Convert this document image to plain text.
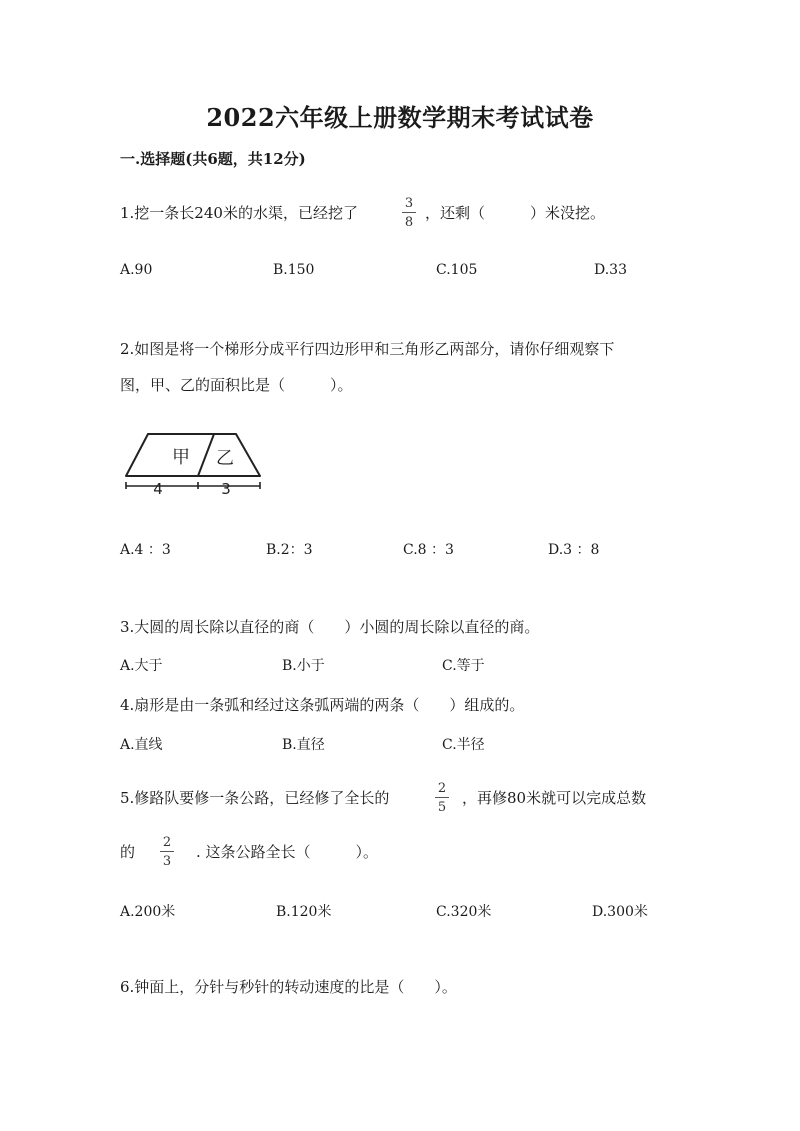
2022六年级上册数学期末考试试卷
一.选择题(共6题，共12分)
1.挖一条长240米的水渠，已经挖了
3
8
，还剩（　　　）米没挖。
A.90	B.150	C.105	D.33
2.如图是将一个梯形分成平行四边形甲和三角形乙两部分，请你仔细观察下
图，甲、乙的面积比是（　　　）。
甲 乙
4	3
A.4 ：3	B.2：3	C.8 ：3	D.3 ：8
3.大圆的周长除以直径的商（　　）小圆的周长除以直径的商。
A.大于	B.小于	C.等于
4.扇形是由一条弧和经过这条弧两端的两条（　　）组成的。
A.直线	B.直径	C.半径
5.修路队要修一条公路，已经修了全长的
2
5
，再修80米就可以完成总数
的
2
3
. 这条公路全长（　　　）。
A.200米	B.120米	C.320米	D.300米
6.钟面上，分针与秒针的转动速度的比是（　　）。
